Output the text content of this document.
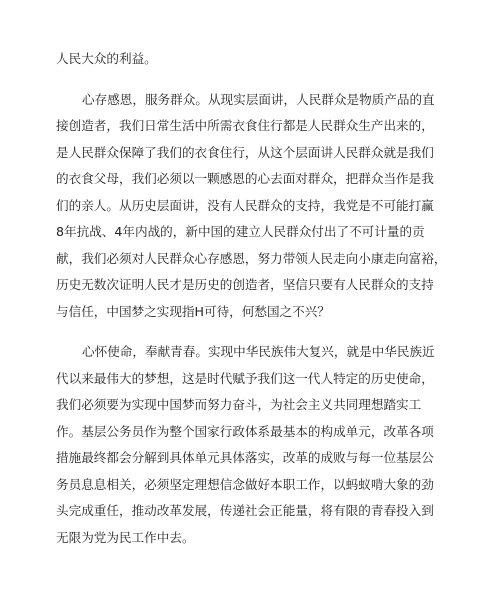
人民大众的利益。
心存感恩，服务群众。从现实层面讲，人民群众是物质产品的直
接创造者，我们日常生活中所需衣食住行都是人民群众生产出来的，
是人民群众保障了我们的衣食住行，从这个层面讲人民群众就是我们
的衣食父母，我们必须以一颗感恩的心去面对群众，把群众当作是我
们的亲人。从历史层面讲，没有人民群众的支持，我党是不可能打赢
8年抗战、4年内战的，新中国的建立人民群众付出了不可计量的贡
献，我们必须对人民群众心存感恩，努力带领人民走向小康走向富裕，
历史无数次证明人民才是历史的创造者，坚信只要有人民群众的支持
与信任，中国梦之实现指H可待，何愁国之不兴？
心怀使命，奉献青春。实现中华民族伟大复兴，就是中华民族近
代以来最伟大的梦想，这是时代赋予我们这一代人特定的历史使命，
我们必须要为实现中国梦而努力奋斗，为社会主义共同理想踏实工
作。基层公务员作为整个国家行政体系最基本的构成单元，改革各项
措施最终都会分解到具体单元具体落实，改革的成败与每一位基层公
务员息息相关，必须坚定理想信念做好本职工作，以蚂蚁啃大象的劲
头完成重任，推动改革发展，传递社会正能量，将有限的青春投入到
无限为党为民工作中去。
